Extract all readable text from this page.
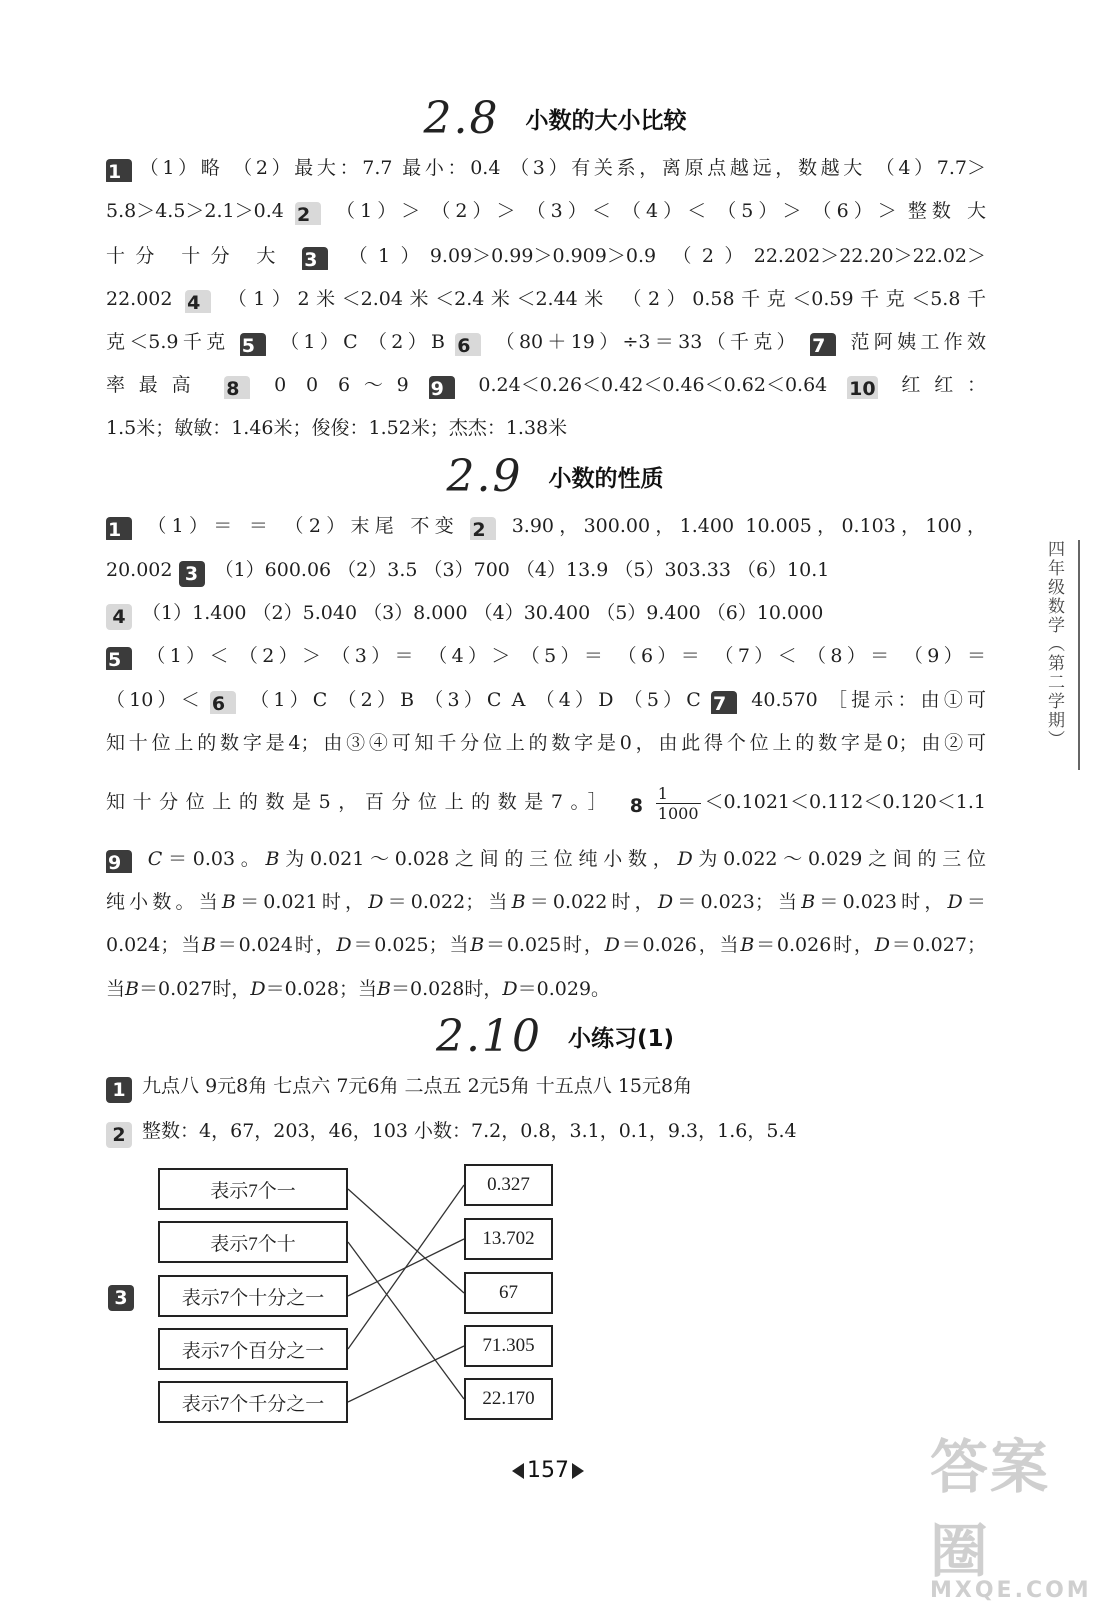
2.8 小数的大小比较
1 （1）略 （2）最大：7.7 最小：0.4 （3）有关系，离原点越远，数越大 （4）7.7＞
5.8＞4.5＞2.1＞0.4 2 （1）＞ （2）＞ （3）＜ （4）＜ （5）＞ （6）＞ 整数 大
十分 十分 大 3 （1）9.09＞0.99＞0.909＞0.9 （2）22.202＞22.20＞22.02＞
22.002 4 （1）2米＜2.04米＜2.4米＜2.44米 （2）0.58千克＜0.59千克＜5.8千
克＜5.9千克 5 （1）C （2）B 6 （80＋19）÷3＝33（千克） 7 范阿姨工作效
率最高 8 0 0 6～9 9 0.24＜0.26＜0.42＜0.46＜0.62＜0.64 10 红红：
1.5米；敏敏：1.46米；俊俊：1.52米；杰杰：1.38米
2.9 小数的性质
1 （1）＝ ＝ （2）末尾 不变 2 3.90，300.00，1.400 10.005，0.103，100，
20.002 3 （1）600.06 （2）3.5 （3）700 （4）13.9 （5）303.33 （6）10.1
4 （1）1.400 （2）5.040 （3）8.000 （4）30.400 （5）9.400 （6）10.000
5 （1）＜ （2）＞ （3）＝ （4）＞ （5）＝ （6）＝ （7）＜ （8）＝ （9）＝
（10）＜ 6 （1）C （2）B （3）C A （4）D （5）C 7 40.570 ［提示：由①可
知十位上的数字是4；由③④可知千分位上的数字是0，由此得个位上的数字是0；由②可
知十分位上的数是5，百分位上的数是7。］ $8 \frac{1}{1000} <0.1021<0.112<0.120<1.1$
9 C＝0.03。B为0.021～0.028之间的三位纯小数，D为0.022～0.029之间的三位
纯小数。当B＝0.021时，D＝0.022；当B＝0.022时，D＝0.023；当B＝0.023时，D＝
0.024；当B＝0.024时，D＝0.025；当B＝0.025时，D＝0.026，当B＝0.026时，D＝0.027；
当B＝0.027时，D＝0.028；当B＝0.028时，D＝0.029。
2.10 小练习(1)
1 九点八 9元8角 七点六 7元6角 二点五 2元5角 十五点八 15元8角
2 整数：4，67，203，46，103 小数：7.2，0.8，3.1，0.1，9.3，1.6，5.4
3
表示7个一
表示7个十
表示7个十分之一
表示7个百分之一
表示7个千分之一
0.327
13.702
67
71.305
22.170
四年级数学（第二学期）
157	答案圈
MXQE.COM
